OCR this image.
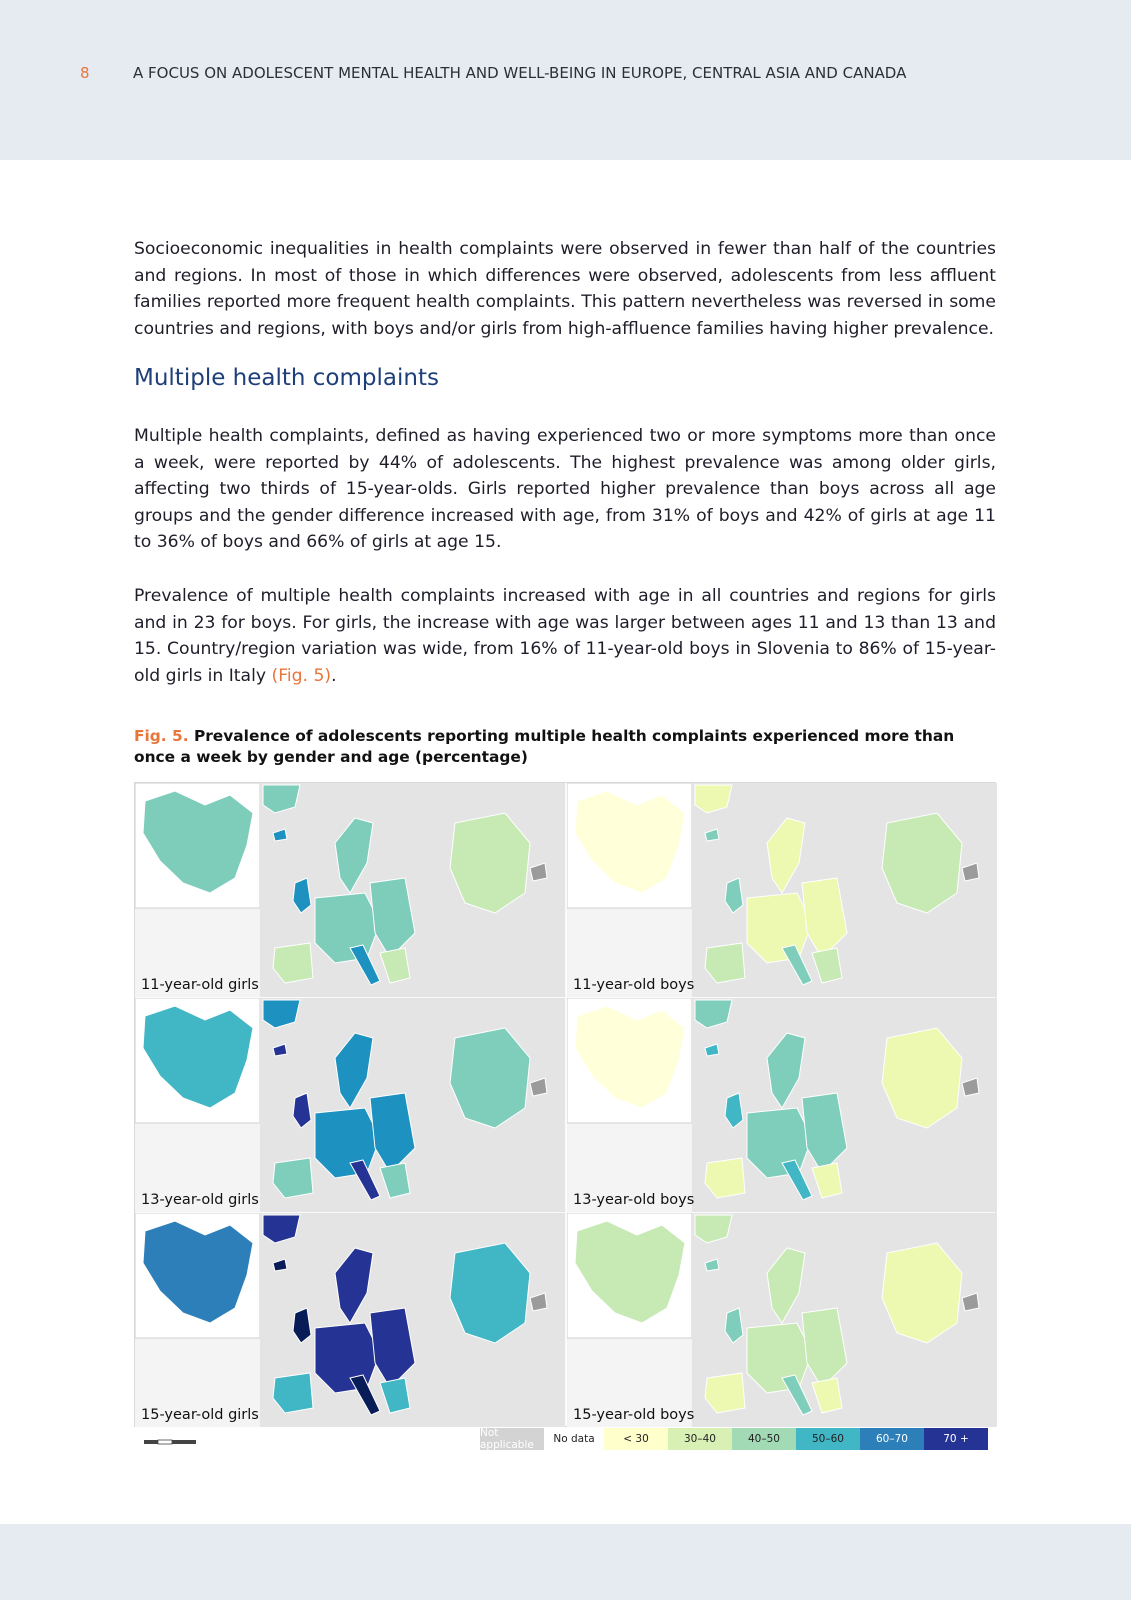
8	A FOCUS ON ADOLESCENT MENTAL HEALTH AND WELL-BEING IN EUROPE, CENTRAL ASIA AND CANADA

Socioeconomic inequalities in health complaints were observed in fewer than half of the countries and regions. In most of those in which differences were observed, adolescents from less affluent families reported more frequent health complaints. This pattern nevertheless was reversed in some countries and regions, with boys and/or girls from high-affluence families having higher prevalence.

Multiple health complaints

Multiple health complaints, defined as having experienced two or more symptoms more than once a week, were reported by 44% of adolescents. The highest prevalence was among older girls, affecting two thirds of 15-year-olds. Girls reported higher prevalence than boys across all age groups and the gender difference increased with age, from 31% of boys and 42% of girls at age 11 to 36% of boys and 66% of girls at age 15.

Prevalence of multiple health complaints increased with age in all countries and regions for girls and in 23 for boys. For girls, the increase with age was larger between ages 11 and 13 than 13 and 15. Country/region variation was wide, from 16% of 11-year-old boys in Slovenia to 86% of 15-year-old girls in Italy (Fig. 5).

Fig. 5. Prevalence of adolescents reporting multiple health complaints experienced more than once a week by gender and age (percentage)

11-year-old girls	11-year-old boys
13-year-old girls	13-year-old boys
15-year-old girls	15-year-old boys
Not applicable	No data	< 30	30–40	40–50	50–60	60–70	70 +
